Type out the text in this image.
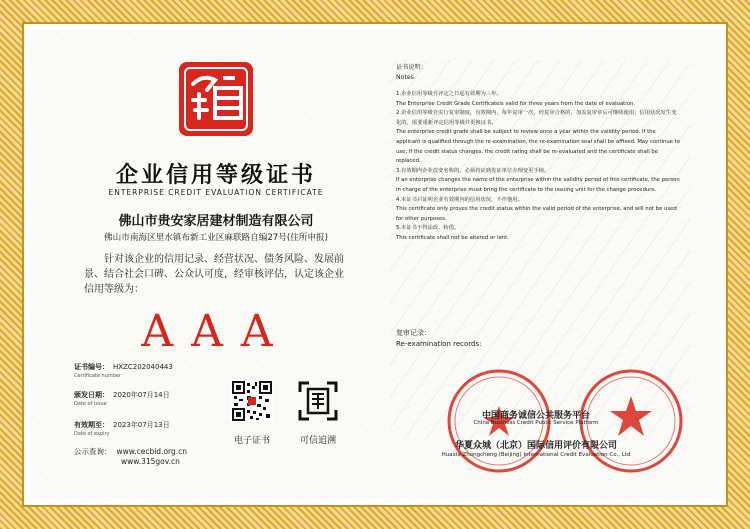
企业信用等级证书
ENTERPRISE CREDIT EVALUATION CERTIFICATE
佛山市贵安家居建材制造有限公司
佛山市南海区里水镇布新工业区麻联路自编27号(住所申报)
针对该企业的信用记录、经营状况、债务风险、发展前景、结合社会口碑、公众认可度，经审核评估，认定该企业信用等级为：
AAA
证书编号： HXZC202040443
Certificate number
颁发日期： 2020年07月14日
Date of issue
有效期至： 2023年07月13日
Date of expiry
公示查询： www.cecbid.org.cn
www.315gov.cn
电子证书	可信追溯
证书说明：
Notes

1.企业信用等级自评定之日起有效期为三年。

The Enterprise Credit Grade Certificateis valid for three years from the date of evaluation.

2.企业信用等级自实行复审制度，有效期内，每年复审一次，经复审合格的，加盖复审章后可继续使用；信用状况发生变化的，需要重新评定信用等级并更换证书。

The enterprise credit grade shall be subject to review once a year within the validity period. If the applicant is qualified through the re-examination, the re-examination seal shall be affixed. May continue to use; If the credit status changes, the credit rating shall be re-evaluated and the certificate shall be replaced.

3.有效期内企业改变名称的，必须持证到发证单位办理变更手续。

If an enterprise changes the name of the enterprise within the validity period of this certificate, the person in charge of the enterprise must bring the certificate to the issuing unit for the change procedure.

4.本证书只证明企业有效期内的信用状况，不作他用。

This certificate only proves the credit status within the valid period of the enterprise, and will not be used for other purposes.

5.本证书不得涂改、转借。

This certificate shall not be altered or lent.

复审记录：
Re-examination records:
中国商务诚信公共服务平台
China Business Credit Public Service Platform
华夏众城（北京）国际信用评价有限公司
Huaxia Zhongcheng (Beijing) International Credit Evaluation Co., Ltd
